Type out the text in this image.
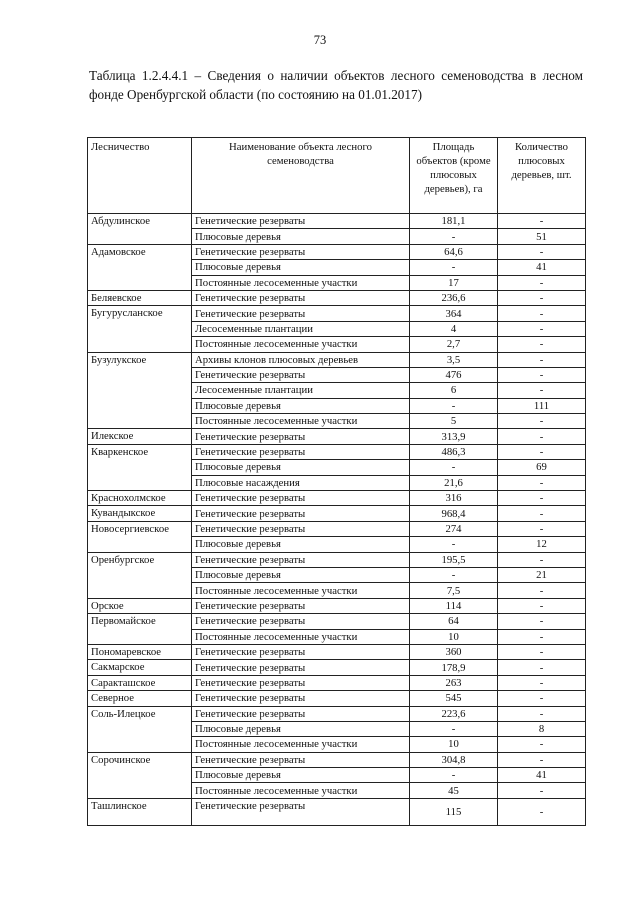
73
Таблица 1.2.4.4.1 – Сведения о наличии объектов лесного семеноводства в лесном фонде Оренбургской области (по состоянию на 01.01.2017)
Лесничество	Наименование объекта лесного семеноводства	Площадь объектов (кроме плюсовых деревьев), га	Количество плюсовых деревьев, шт.
Абдулинское	Генетические резерваты	181,1	-
	Плюсовые деревья	-	51
Адамовское	Генетические резерваты	64,6	-
	Плюсовые деревья	-	41
	Постоянные лесосеменные участки	17	-
Беляевское	Генетические резерваты	236,6	-
Бугурусланское	Генетические резерваты	364	-
	Лесосеменные плантации	4	-
	Постоянные лесосеменные участки	2,7	-
Бузулукское	Архивы клонов плюсовых деревьев	3,5	-
	Генетические резерваты	476	-
	Лесосеменные плантации	6	-
	Плюсовые деревья	-	111
	Постоянные лесосеменные участки	5	-
Илекское	Генетические резерваты	313,9	-
Кваркенское	Генетические резерваты	486,3	-
	Плюсовые деревья	-	69
	Плюсовые насаждения	21,6	-
Краснохолмское	Генетические резерваты	316	-
Кувандыкское	Генетические резерваты	968,4	-
Новосергиевское	Генетические резерваты	274	-
	Плюсовые деревья	-	12
Оренбургское	Генетические резерваты	195,5	-
	Плюсовые деревья	-	21
	Постоянные лесосеменные участки	7,5	-
Орское	Генетические резерваты	114	-
Первомайское	Генетические резерваты	64	-
	Постоянные лесосеменные участки	10	-
Пономаревское	Генетические резерваты	360	-
Сакмарское	Генетические резерваты	178,9	-
Саракташское	Генетические резерваты	263	-
Северное	Генетические резерваты	545	-
Соль-Илецкое	Генетические резерваты	223,6	-
	Плюсовые деревья	-	8
	Постоянные лесосеменные участки	10	-
Сорочинское	Генетические резерваты	304,8	-
	Плюсовые деревья	-	41
	Постоянные лесосеменные участки	45	-
Ташлинское	Генетические резерваты	115	-
